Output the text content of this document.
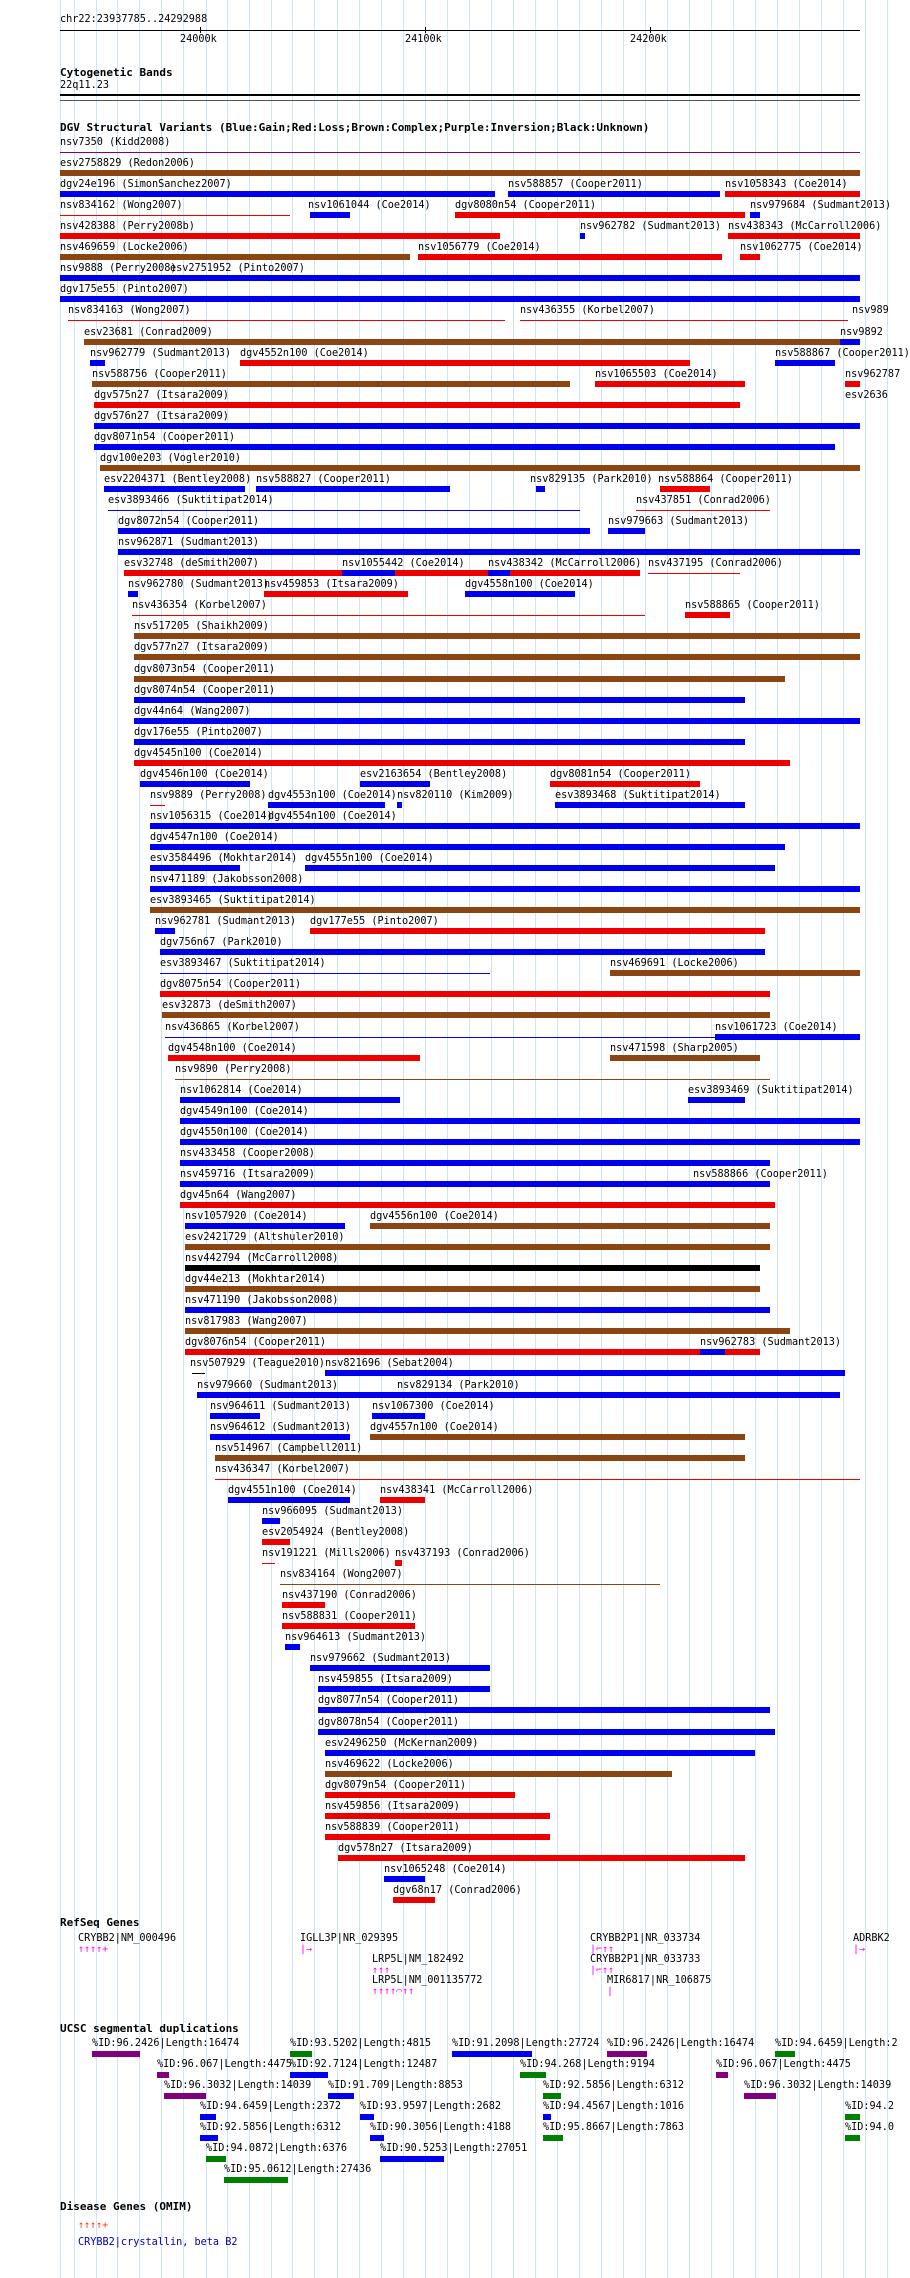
chr22:23937785..24292988
24000k	24100k	24200k
Cytogenetic Bands
22q11.23
DGV Structural Variants (Blue:Gain;Red:Loss;Brown:Complex;Purple:Inversion;Black:Unknown)
nsv7350 (Kidd2008)
esv2758829 (Redon2006)
dgv24e196 (SimonSanchez2007)	nsv588857 (Cooper2011)	nsv1058343 (Coe2014)
nsv834162 (Wong2007)	nsv1061044 (Coe2014) dgv8080n54 (Cooper2011)	nsv979684 (Sudmant2013)
nsv428388 (Perry2008b)	nsv962782 (Sudmant2013) nsv438343 (McCarroll2006)
nsv469659 (Locke2006)	nsv1056779 (Coe2014)	nsv1062775 (Coe2014)
nsv9888 (Perry2008)
esv2751952 (Pinto2007)
dgv175e55 (Pinto2007)
nsv834163 (Wong2007)	nsv436355 (Korbel2007)	nsv989
esv23681 (Conrad2009)	nsv9892
nsv962779 (Sudmant2013) dgv4552n100 (Coe2014)	nsv588867 (Cooper2011)
nsv588756 (Cooper2011)	nsv1065503 (Coe2014)	nsv962787
dgv575n27 (Itsara2009)	esv2636
dgv576n27 (Itsara2009)
dgv8071n54 (Cooper2011)
dgv100e203 (Vogler2010)
esv2204371 (Bentley2008) nsv588827 (Cooper2011)	nsv829135 (Park2010) nsv588864 (Cooper2011)
esv3893466 (Suktitipat2014)	nsv437851 (Conrad2006)
dgv8072n54 (Cooper2011)	nsv979663 (Sudmant2013)
nsv962871 (Sudmant2013)
esv32748 (deSmith2007)	nsv1055442 (Coe2014) nsv438342 (McCarroll2006) nsv437195 (Conrad2006)
nsv962780 (Sudmant2013)
nsv459853 (Itsara2009)	dgv4558n100 (Coe2014)
nsv436354 (Korbel2007)	nsv588865 (Cooper2011)
nsv517205 (Shaikh2009)
dgv577n27 (Itsara2009)
dgv8073n54 (Cooper2011)
dgv8074n54 (Cooper2011)
dgv44n64 (Wang2007)
dgv176e55 (Pinto2007)
dgv4545n100 (Coe2014)
dgv4546n100 (Coe2014)	esv2163654 (Bentley2008)	dgv8081n54 (Cooper2011)
nsv9889 (Perry2008) dgv4553n100 (Coe2014) nsv820110 (Kim2009)	esv3893468 (Suktitipat2014)
nsv1056315 (Coe2014)
dgv4554n100 (Coe2014)
dgv4547n100 (Coe2014)
esv3584496 (Mokhtar2014) dgv4555n100 (Coe2014)
nsv471189 (Jakobsson2008)
esv3893465 (Suktitipat2014)
nsv962781 (Sudmant2013) dgv177e55 (Pinto2007)
dgv756n67 (Park2010)
esv3893467 (Suktitipat2014)	nsv469691 (Locke2006)
dgv8075n54 (Cooper2011)
esv32873 (deSmith2007)
nsv436865 (Korbel2007)	nsv1061723 (Coe2014)
dgv4548n100 (Coe2014)	nsv471598 (Sharp2005)
nsv9890 (Perry2008)
nsv1062814 (Coe2014)	esv3893469 (Suktitipat2014)
dgv4549n100 (Coe2014)
dgv4550n100 (Coe2014)
nsv433458 (Cooper2008)
nsv459716 (Itsara2009)	nsv588866 (Cooper2011)
dgv45n64 (Wang2007)
nsv1057920 (Coe2014)	dgv4556n100 (Coe2014)
esv2421729 (Altshuler2010)
nsv442794 (McCarroll2008)
dgv44e213 (Mokhtar2014)
nsv471190 (Jakobsson2008)
nsv817983 (Wang2007)
dgv8076n54 (Cooper2011)	nsv962783 (Sudmant2013)
nsv507929 (Teague2010) nsv821696 (Sebat2004)
nsv979660 (Sudmant2013)	nsv829134 (Park2010)
nsv964611 (Sudmant2013) nsv1067300 (Coe2014)
nsv964612 (Sudmant2013) dgv4557n100 (Coe2014)
nsv514967 (Campbell2011)
nsv436347 (Korbel2007)
dgv4551n100 (Coe2014) nsv438341 (McCarroll2006)
nsv966095 (Sudmant2013)
esv2054924 (Bentley2008)
nsv191221 (Mills2006) nsv437193 (Conrad2006)
nsv834164 (Wong2007)
nsv437190 (Conrad2006)
nsv588831 (Cooper2011)
nsv964613 (Sudmant2013)
nsv979662 (Sudmant2013)
nsv459855 (Itsara2009)
dgv8077n54 (Cooper2011)
dgv8078n54 (Cooper2011)
esv2496250 (McKernan2009)
nsv469622 (Locke2006)
dgv8079n54 (Cooper2011)
nsv459856 (Itsara2009)
nsv588839 (Cooper2011)
dgv578n27 (Itsara2009)
nsv1065248 (Coe2014)
dgv68n17 (Conrad2006)
RefSeq Genes
CRYBB2|NM_000496
↑↑↑↑+
IGLL3P|NR_029395
|→
CRYBB2P1|NR_033734
|⌐↑↑
ADRBK2
|→
LRP5L|NM_182492
↑↑↑
CRYBB2P1|NR_033733
|⌐↑↑
LRP5L|NM_001135772
↑↑↑↑⌒↑↑
MIR6817|NR_106875
|
UCSC segmental duplications
%ID:96.2426|Length:16474	%ID:93.5202|Length:4815 %ID:91.2098|Length:27724 %ID:96.2426|Length:16474 %ID:94.6459|Length:2
%ID:96.067|Length:4475
%ID:92.7124|Length:12487	%ID:94.268|Length:9194	%ID:96.067|Length:4475
%ID:96.3032|Length:14039 %ID:91.709|Length:8853	%ID:92.5856|Length:6312	%ID:96.3032|Length:14039
%ID:94.6459|Length:2372 %ID:93.9597|Length:2682	%ID:94.4567|Length:1016	%ID:94.2
%ID:92.5856|Length:6312	%ID:90.3056|Length:4188	%ID:95.8667|Length:7863	%ID:94.0
%ID:94.0872|Length:6376	%ID:90.5253|Length:27051
%ID:95.0612|Length:27436
Disease Genes (OMIM)
↑↑↑↑+
CRYBB2|crystallin, beta B2
